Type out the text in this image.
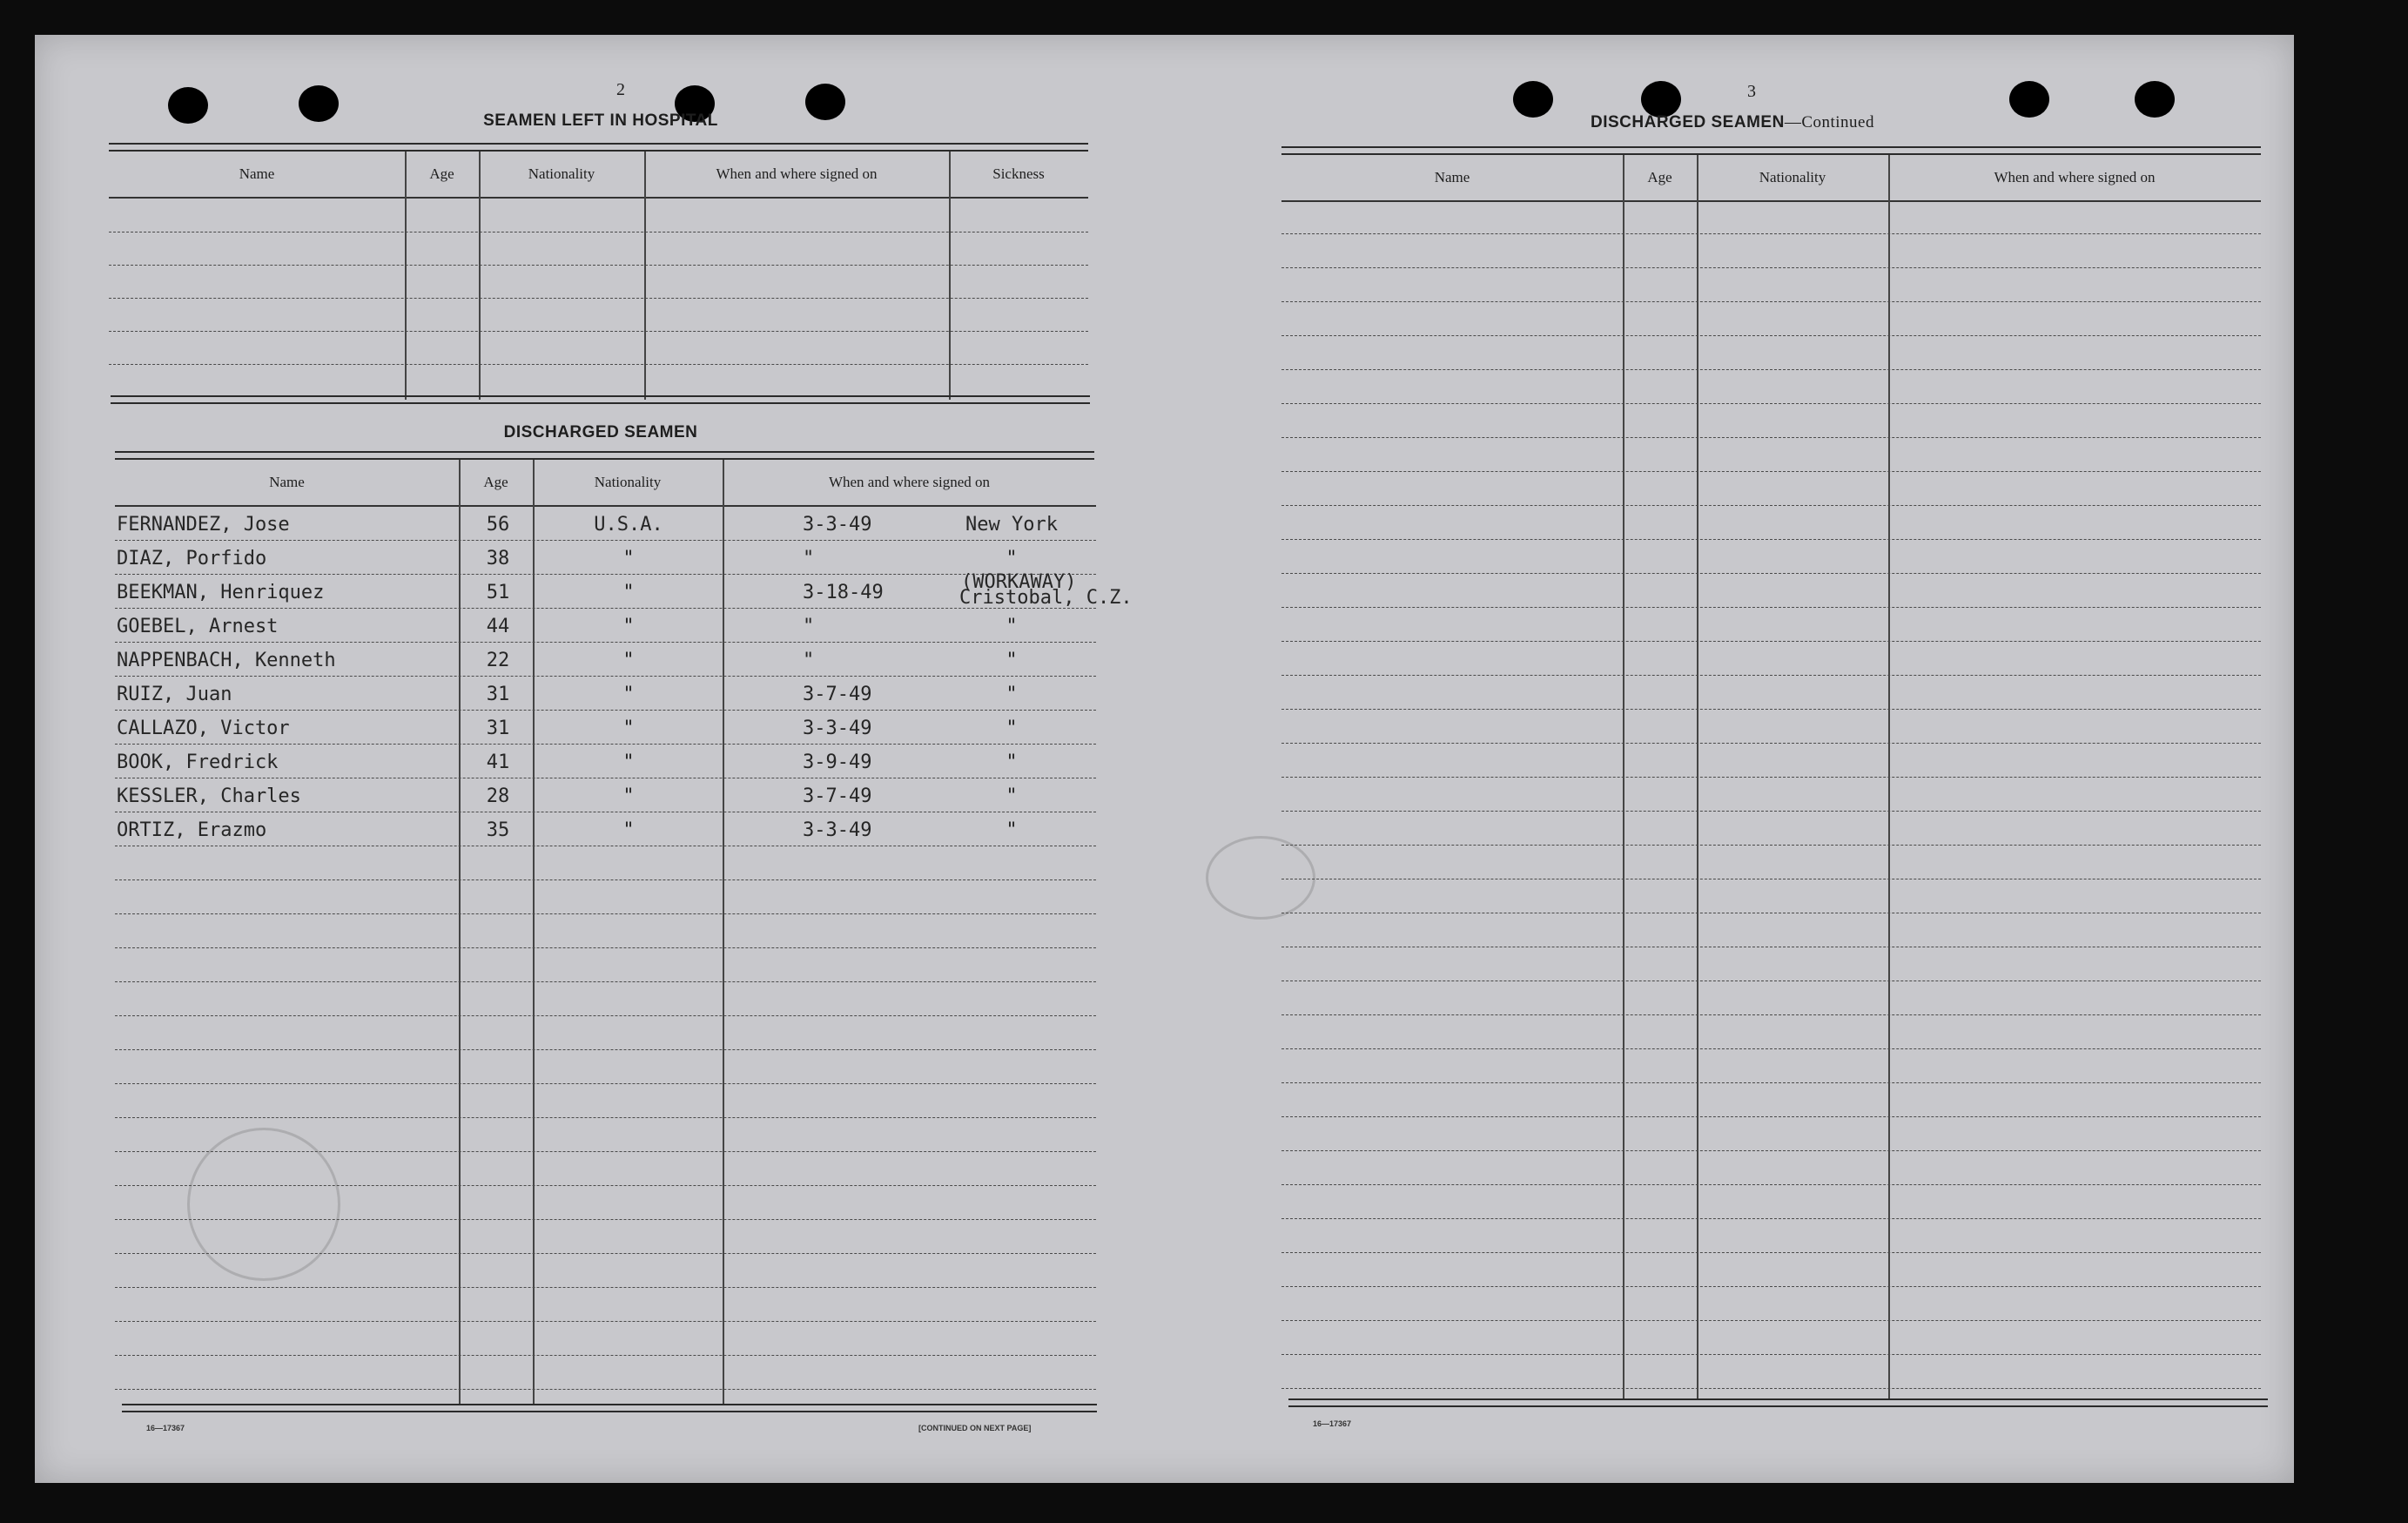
2
SEAMEN LEFT IN HOSPITAL
Name	Age	Nationality	When and where signed on	Sickness
DISCHARGED SEAMEN
Name	Age	Nationality	When and where signed on
FERNANDEZ, Jose	56	U.S.A.	3-3-49	New York
DIAZ, Porfido	38	"	"	"
BEEKMAN, Henriquez	51	"	3-18-49	Cristobal, C.Z.
(WORKAWAY)
GOEBEL, Arnest	44	"	"	"
NAPPENBACH, Kenneth	22	"	"	"
RUIZ, Juan	31	"	3-7-49	"
CALLAZO, Victor	31	"	3-3-49	"
BOOK, Fredrick	41	"	3-9-49	"
KESSLER, Charles	28	"	3-7-49	"
ORTIZ, Erazmo	35	"	3-3-49	"
16—17367	[CONTINUED ON NEXT PAGE]
3
DISCHARGED SEAMEN—Continued
Name	Age	Nationality	When and where signed on
16—17367
